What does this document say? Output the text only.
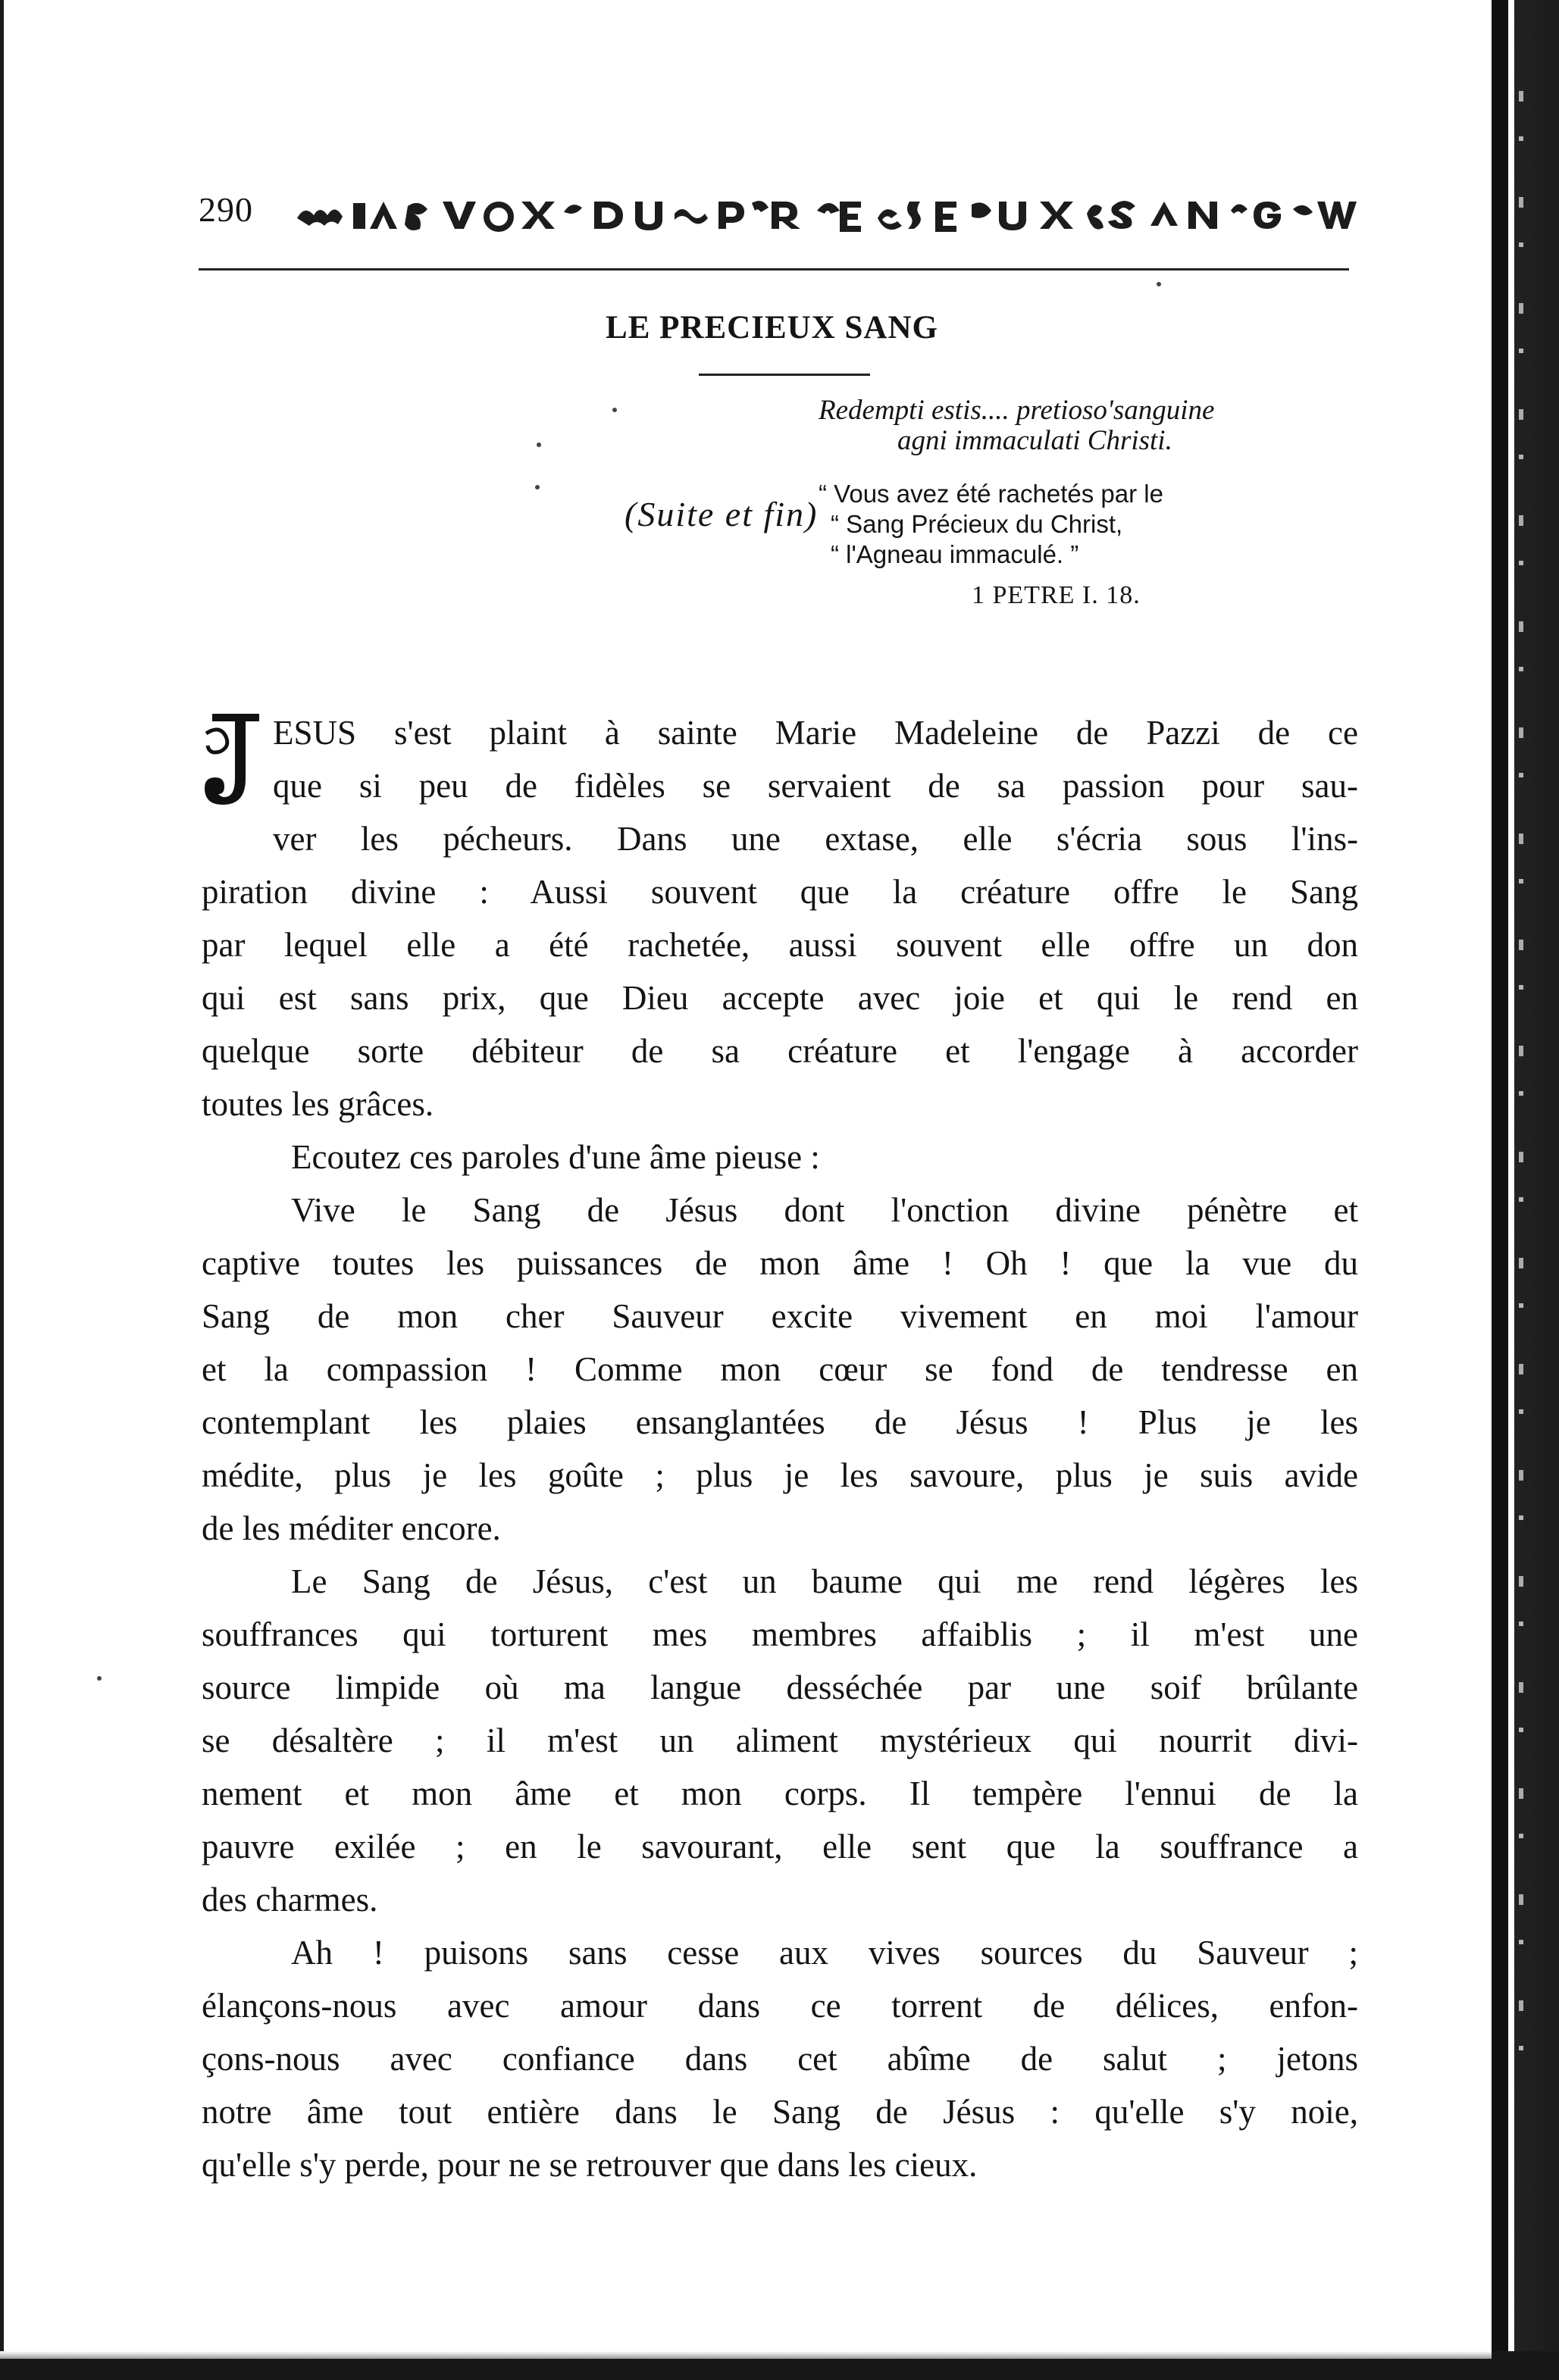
290
LE PRECIEUX SANG
Redempti estis.... pretioso'sanguine
agni immaculati Christi.
“ Vous avez été rachetés par le
“ Sang Précieux du Christ,
“ l'Agneau immaculé. ”
1 PETRE I. 18.
(Suite et fin)
ESUS s'est plaint à sainte Marie Madeleine de Pazzi de ce
que si peu de fidèles se servaient de sa passion pour sau-
ver les pécheurs. Dans une extase, elle s'écria sous l'ins-
piration divine : Aussi souvent que la créature offre le Sang
par lequel elle a été rachetée, aussi souvent elle offre un don
qui est sans prix, que Dieu accepte avec joie et qui le rend en
quelque sorte débiteur de sa créature et l'engage à accorder
toutes les grâces.
Ecoutez ces paroles d'une âme pieuse :
Vive le Sang de Jésus dont l'onction divine pénètre et
captive toutes les puissances de mon âme ! Oh ! que la vue du
Sang de mon cher Sauveur excite vivement en moi l'amour
et la compassion ! Comme mon cœur se fond de tendresse en
contemplant les plaies ensanglantées de Jésus ! Plus je les
médite, plus je les goûte ; plus je les savoure, plus je suis avide
de les méditer encore.
Le Sang de Jésus, c'est un baume qui me rend légères les
souffrances qui torturent mes membres affaiblis ; il m'est une
source limpide où ma langue desséchée par une soif brûlante
se désaltère ; il m'est un aliment mystérieux qui nourrit divi-
nement et mon âme et mon corps. Il tempère l'ennui de la
pauvre exilée ; en le savourant, elle sent que la souffrance a
des charmes.
Ah ! puisons sans cesse aux vives sources du Sauveur ;
élançons-nous avec amour dans ce torrent de délices, enfon-
çons-nous avec confiance dans cet abîme de salut ; jetons
notre âme tout entière dans le Sang de Jésus : qu'elle s'y noie,
qu'elle s'y perde, pour ne se retrouver que dans les cieux.
